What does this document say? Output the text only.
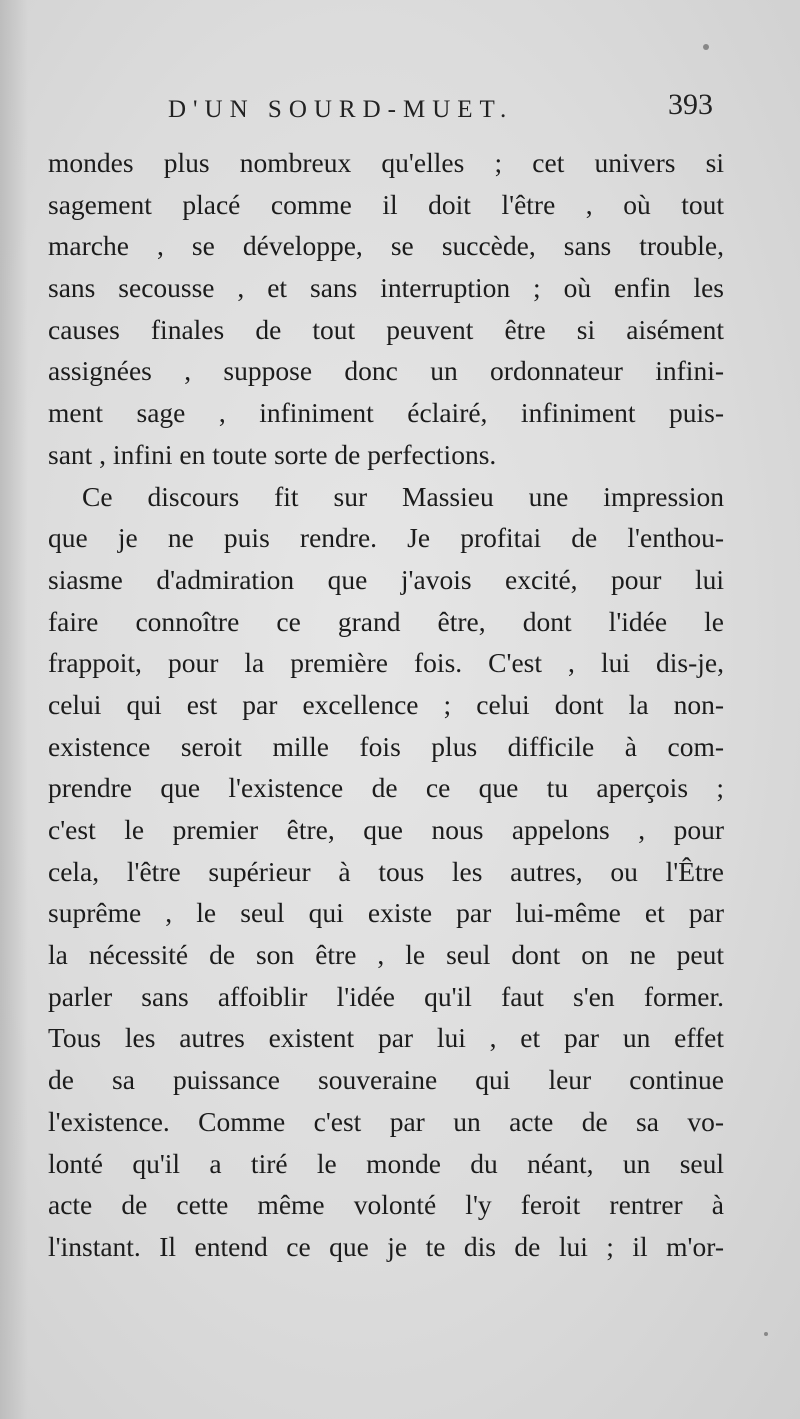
D'UN SOURD-MUET.	393
mondes plus nombreux qu'elles ; cet univers si
sagement placé comme il doit l'être , où tout
marche , se développe, se succède, sans trouble,
sans secousse , et sans interruption ; où enfin les
causes finales de tout peuvent être si aisément
assignées , suppose donc un ordonnateur infini-
ment sage , infiniment éclairé, infiniment puis-
sant , infini en toute sorte de perfections.
Ce discours fit sur Massieu une impression
que je ne puis rendre. Je profitai de l'enthou-
siasme d'admiration que j'avois excité, pour lui
faire connoître ce grand être, dont l'idée le
frappoit, pour la première fois. C'est , lui dis-je,
celui qui est par excellence ; celui dont la non-
existence seroit mille fois plus difficile à com-
prendre que l'existence de ce que tu aperçois ;
c'est le premier être, que nous appelons , pour
cela, l'être supérieur à tous les autres, ou l'Être
suprême , le seul qui existe par lui-même et par
la nécessité de son être , le seul dont on ne peut
parler sans affoiblir l'idée qu'il faut s'en former.
Tous les autres existent par lui , et par un effet
de sa puissance souveraine qui leur continue
l'existence. Comme c'est par un acte de sa vo-
lonté qu'il a tiré le monde du néant, un seul
acte de cette même volonté l'y feroit rentrer à
l'instant. Il entend ce que je te dis de lui ; il m'or-
